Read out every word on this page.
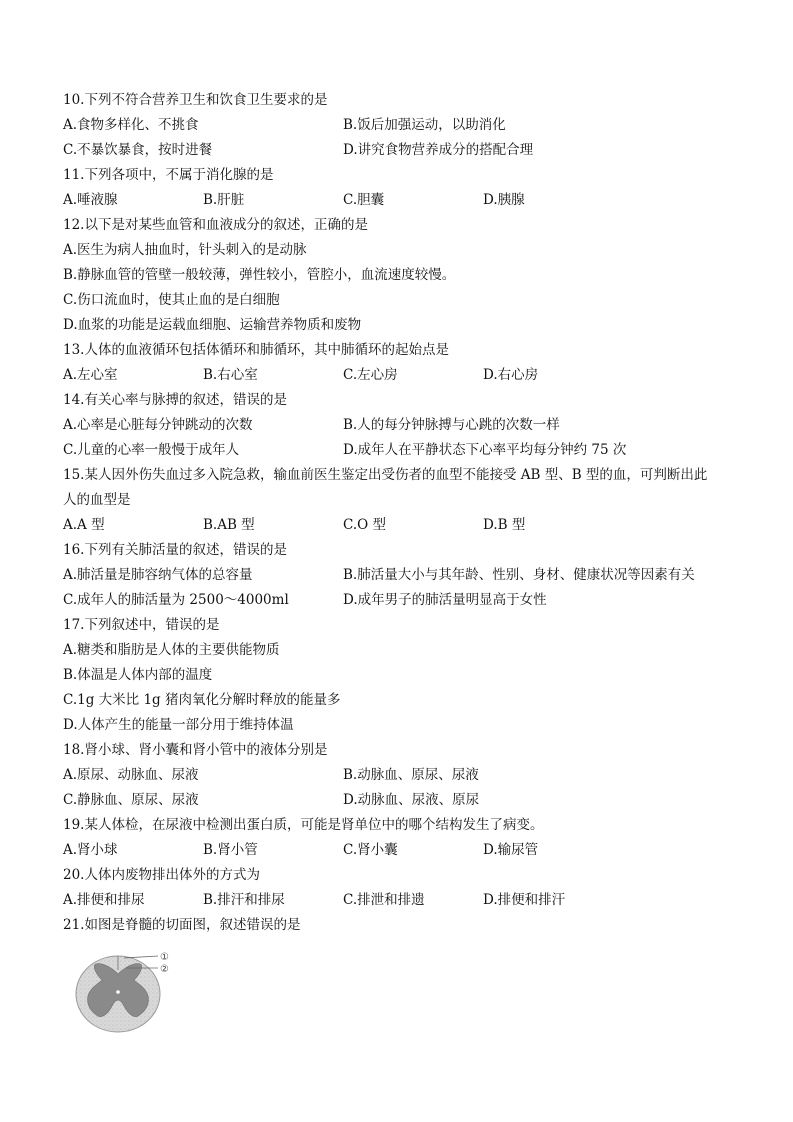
10.下列不符合营养卫生和饮食卫生要求的是
A.食物多样化、不挑食	B.饭后加强运动，以助消化
C.不暴饮暴食，按时进餐	D.讲究食物营养成分的搭配合理
11.下列各项中，不属于消化腺的是
A.唾液腺	B.肝脏	C.胆囊	D.胰腺
12.以下是对某些血管和血液成分的叙述，正确的是
A.医生为病人抽血时，针头刺入的是动脉
B.静脉血管的管壁一般较薄，弹性较小，管腔小，血流速度较慢。
C.伤口流血时，使其止血的是白细胞
D.血浆的功能是运载血细胞、运输营养物质和废物
13.人体的血液循环包括体循环和肺循环，其中肺循环的起始点是
A.左心室	B.右心室	C.左心房	D.右心房
14.有关心率与脉搏的叙述，错误的是
A.心率是心脏每分钟跳动的次数	B.人的每分钟脉搏与心跳的次数一样
C.儿童的心率一般慢于成年人	D.成年人在平静状态下心率平均每分钟约 75 次
15.某人因外伤失血过多入院急救，输血前医生鉴定出受伤者的血型不能接受 AB 型、B 型的血，可判断出此
人的血型是
A.A 型	B.AB 型	C.O 型	D.B 型
16.下列有关肺活量的叙述，错误的是
A.肺活量是肺容纳气体的总容量	B.肺活量大小与其年龄、性别、身材、健康状况等因素有关
C.成年人的肺活量为 2500～4000ml	D.成年男子的肺活量明显高于女性
17.下列叙述中，错误的是
A.糖类和脂肪是人体的主要供能物质
B.体温是人体内部的温度
C.1g 大米比 1g 猪肉氧化分解时释放的能量多
D.人体产生的能量一部分用于维持体温
18.肾小球、肾小囊和肾小管中的液体分别是
A.原尿、动脉血、尿液	B.动脉血、原尿、尿液
C.静脉血、原尿、尿液	D.动脉血、尿液、原尿
19.某人体检，在尿液中检测出蛋白质，可能是肾单位中的哪个结构发生了病变。
A.肾小球	B.肾小管	C.肾小囊	D.输尿管
20.人体内废物排出体外的方式为
A.排便和排尿	B.排汗和排尿	C.排泄和排遗	D.排便和排汗
21.如图是脊髓的切面图，叙述错误的是
①
②
